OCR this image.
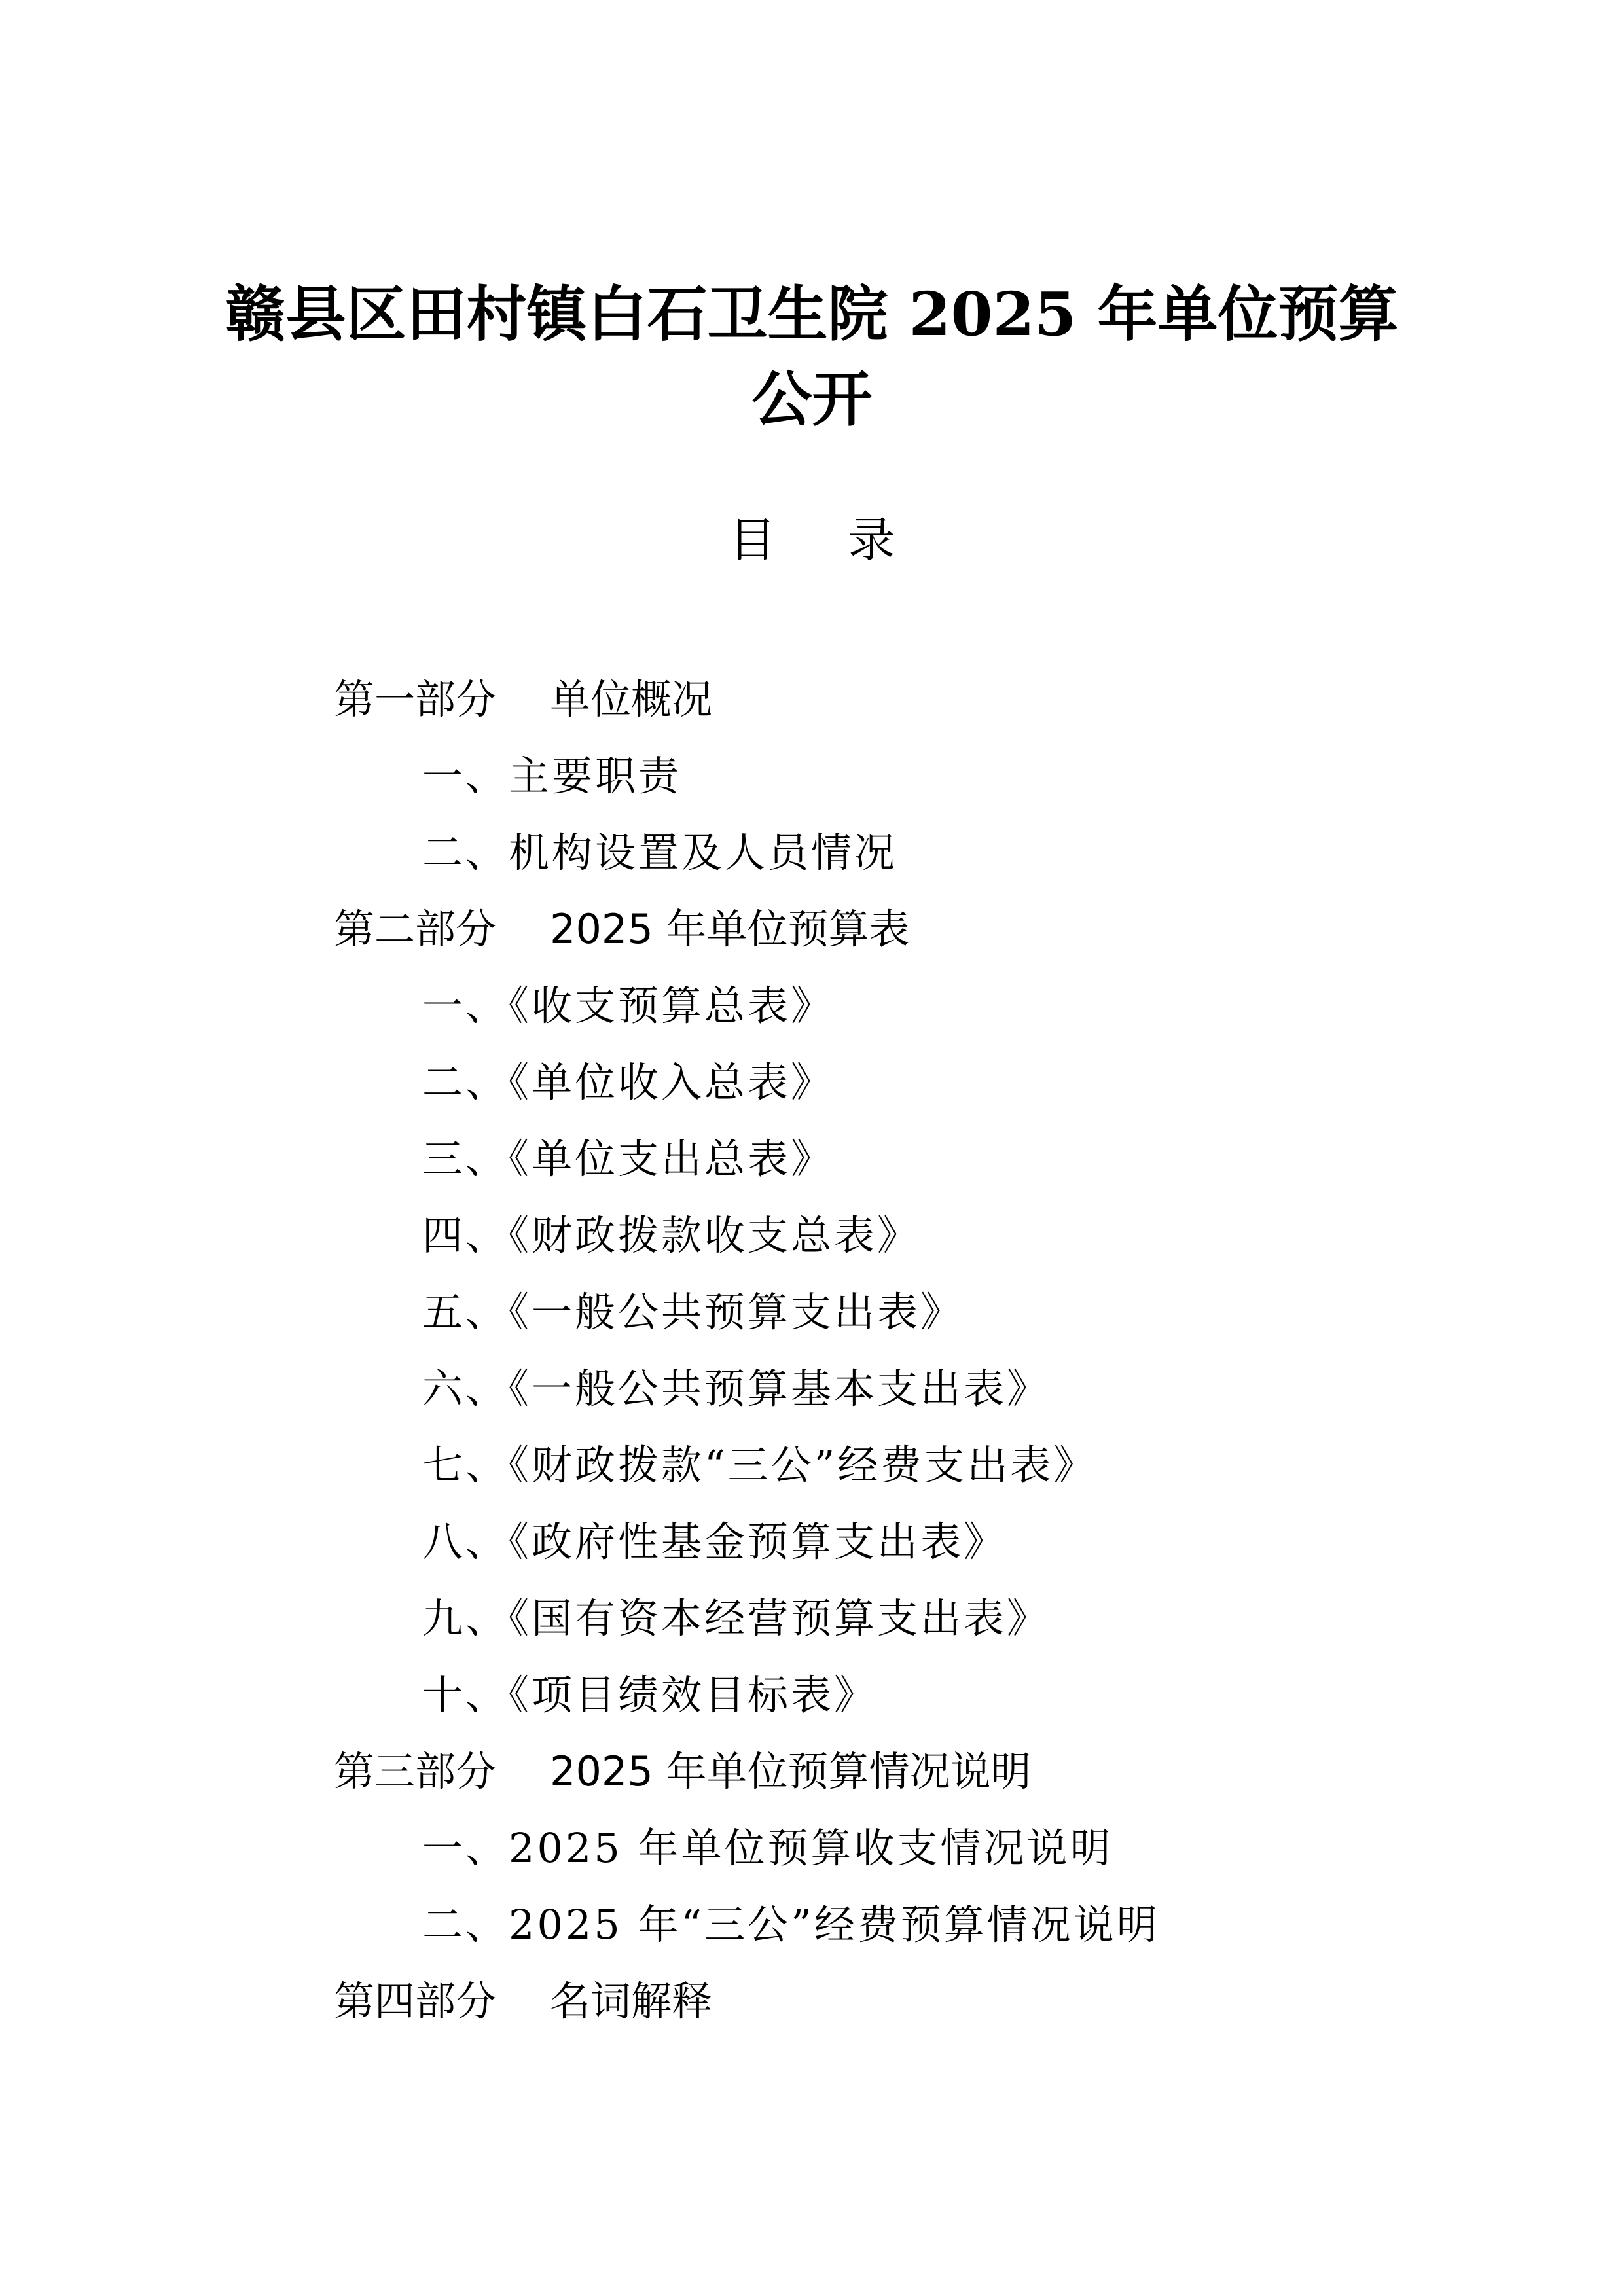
赣县区田村镇白石卫生院 2025 年单位预算
公开
目 录
第一部分 单位概况
一、主要职责
二、机构设置及人员情况
第二部分 2025 年单位预算表
一、《收支预算总表》
二、《单位收入总表》
三、《单位支出总表》
四、《财政拨款收支总表》
五、《一般公共预算支出表》
六、《一般公共预算基本支出表》
七、《财政拨款“三公”经费支出表》
八、《政府性基金预算支出表》
九、《国有资本经营预算支出表》
十、《项目绩效目标表》
第三部分 2025 年单位预算情况说明
一、2025 年单位预算收支情况说明
二、2025 年“三公”经费预算情况说明
第四部分 名词解释
